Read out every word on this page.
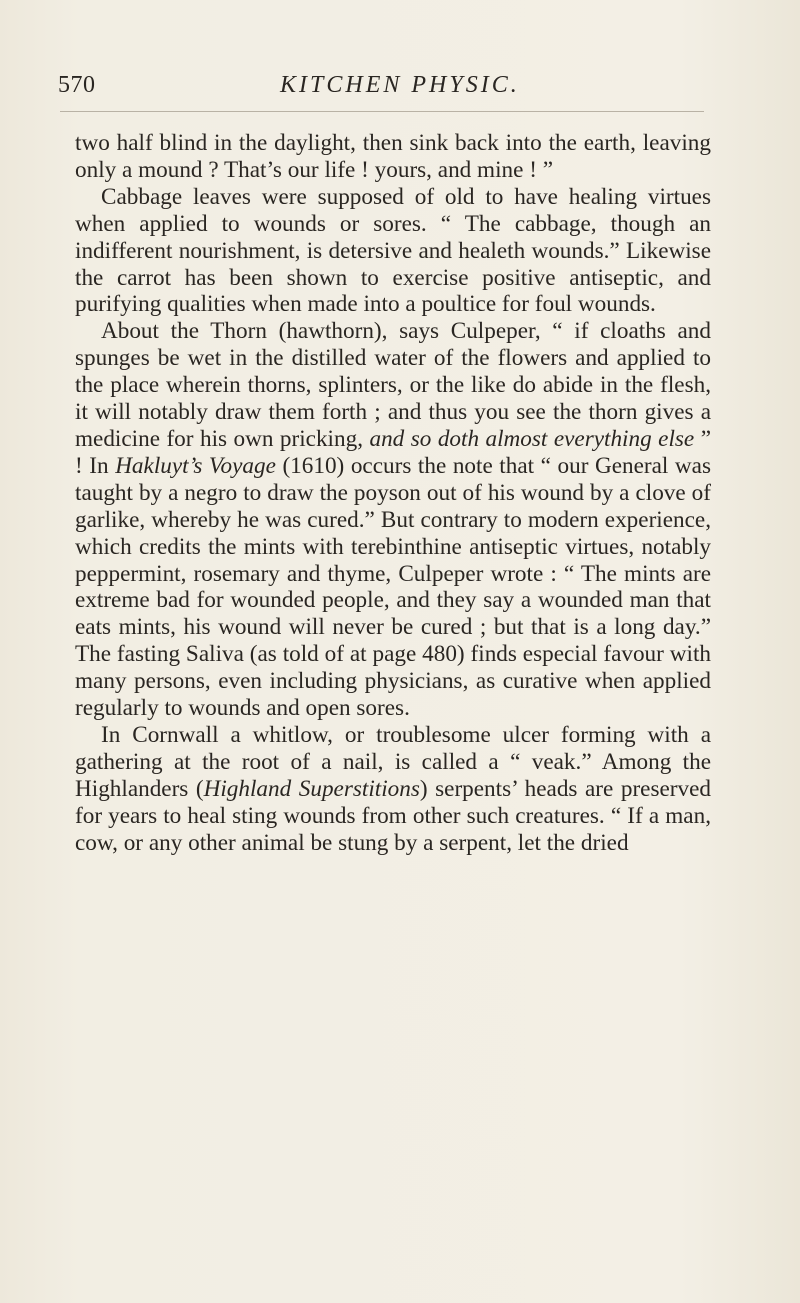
570	KITCHEN PHYSIC.

two half blind in the daylight, then sink back into the earth, leaving only a mound ? That’s our life ! yours, and mine ! ”

Cabbage leaves were supposed of old to have healing virtues when applied to wounds or sores. “ The cabbage, though an indifferent nourishment, is detersive and healeth wounds.” Likewise the carrot has been shown to exercise positive antiseptic, and purifying qualities when made into a poultice for foul wounds.

About the Thorn (hawthorn), says Culpeper, “ if cloaths and spunges be wet in the distilled water of the flowers and applied to the place wherein thorns, splinters, or the like do abide in the flesh, it will notably draw them forth ; and thus you see the thorn gives a medicine for his own pricking, and so doth almost everything else ” ! In Hakluyt’s Voyage (1610) occurs the note that “ our General was taught by a negro to draw the poyson out of his wound by a clove of garlike, whereby he was cured.” But contrary to modern experience, which credits the mints with terebinthine antiseptic virtues, notably peppermint, rosemary and thyme, Culpeper wrote : “ The mints are extreme bad for wounded people, and they say a wounded man that eats mints, his wound will never be cured ; but that is a long day.” The fasting Saliva (as told of at page 480) finds especial favour with many persons, even including physicians, as curative when applied regularly to wounds and open sores.

In Cornwall a whitlow, or troublesome ulcer forming with a gathering at the root of a nail, is called a “ veak.” Among the Highlanders (Highland Superstitions) serpents’ heads are preserved for years to heal sting wounds from other such creatures. “ If a man, cow, or any other animal be stung by a serpent, let the dried
